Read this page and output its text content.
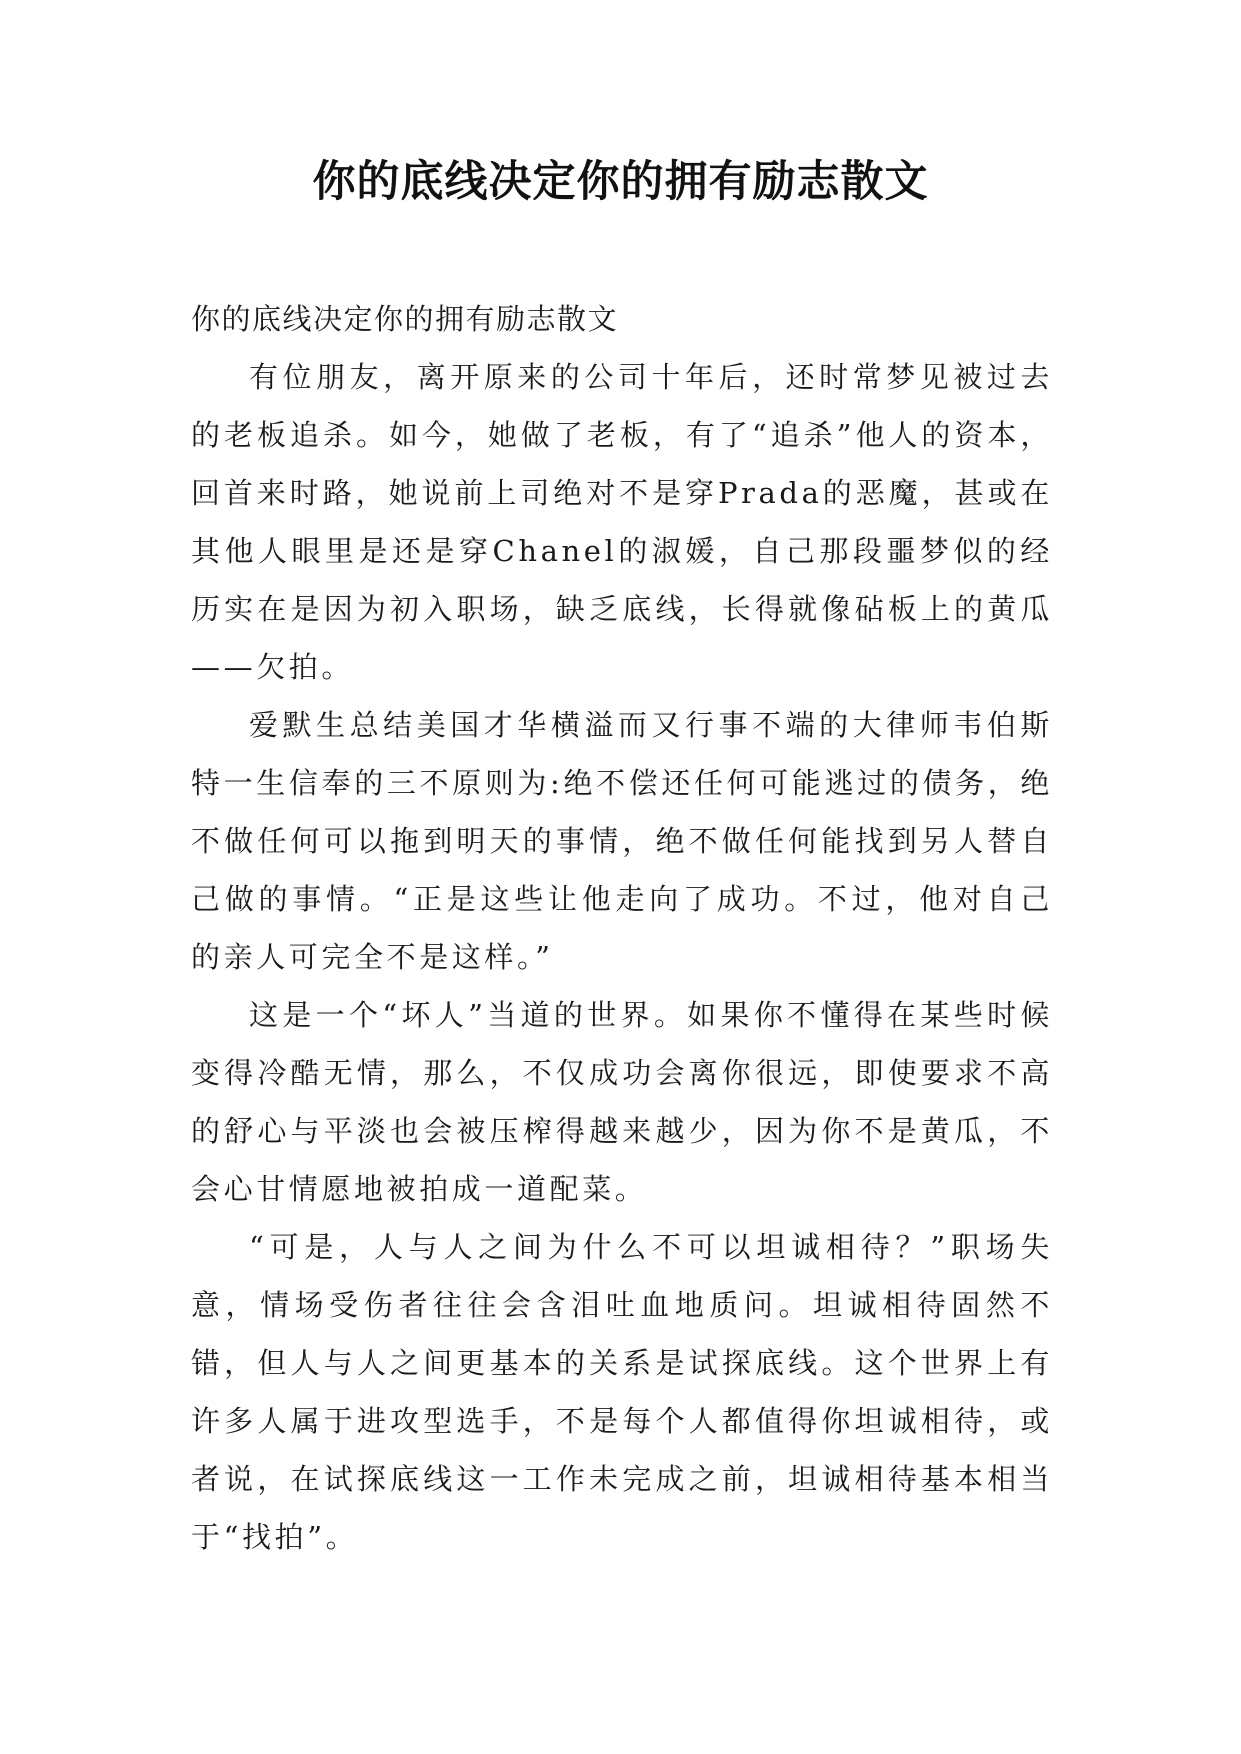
你的底线决定你的拥有励志散文

你的底线决定你的拥有励志散文

有位朋友，离开原来的公司十年后，还时常梦见被过去的老板追杀。如今，她做了老板，有了“追杀”他人的资本，回首来时路，她说前上司绝对不是穿Prada的恶魔，甚或在其他人眼里是还是穿Chanel的淑媛，自己那段噩梦似的经历实在是因为初入职场，缺乏底线，长得就像砧板上的黄瓜——欠拍。

爱默生总结美国才华横溢而又行事不端的大律师韦伯斯特一生信奉的三不原则为:绝不偿还任何可能逃过的债务，绝不做任何可以拖到明天的事情，绝不做任何能找到另人替自己做的事情。“正是这些让他走向了成功。不过，他对自己的亲人可完全不是这样。”

这是一个“坏人”当道的世界。如果你不懂得在某些时候变得冷酷无情，那么，不仅成功会离你很远，即使要求不高的舒心与平淡也会被压榨得越来越少，因为你不是黄瓜，不会心甘情愿地被拍成一道配菜。

“可是，人与人之间为什么不可以坦诚相待？”职场失意，情场受伤者往往会含泪吐血地质问。坦诚相待固然不错，但人与人之间更基本的关系是试探底线。这个世界上有许多人属于进攻型选手，不是每个人都值得你坦诚相待，或者说，在试探底线这一工作未完成之前，坦诚相待基本相当于“找拍”。
